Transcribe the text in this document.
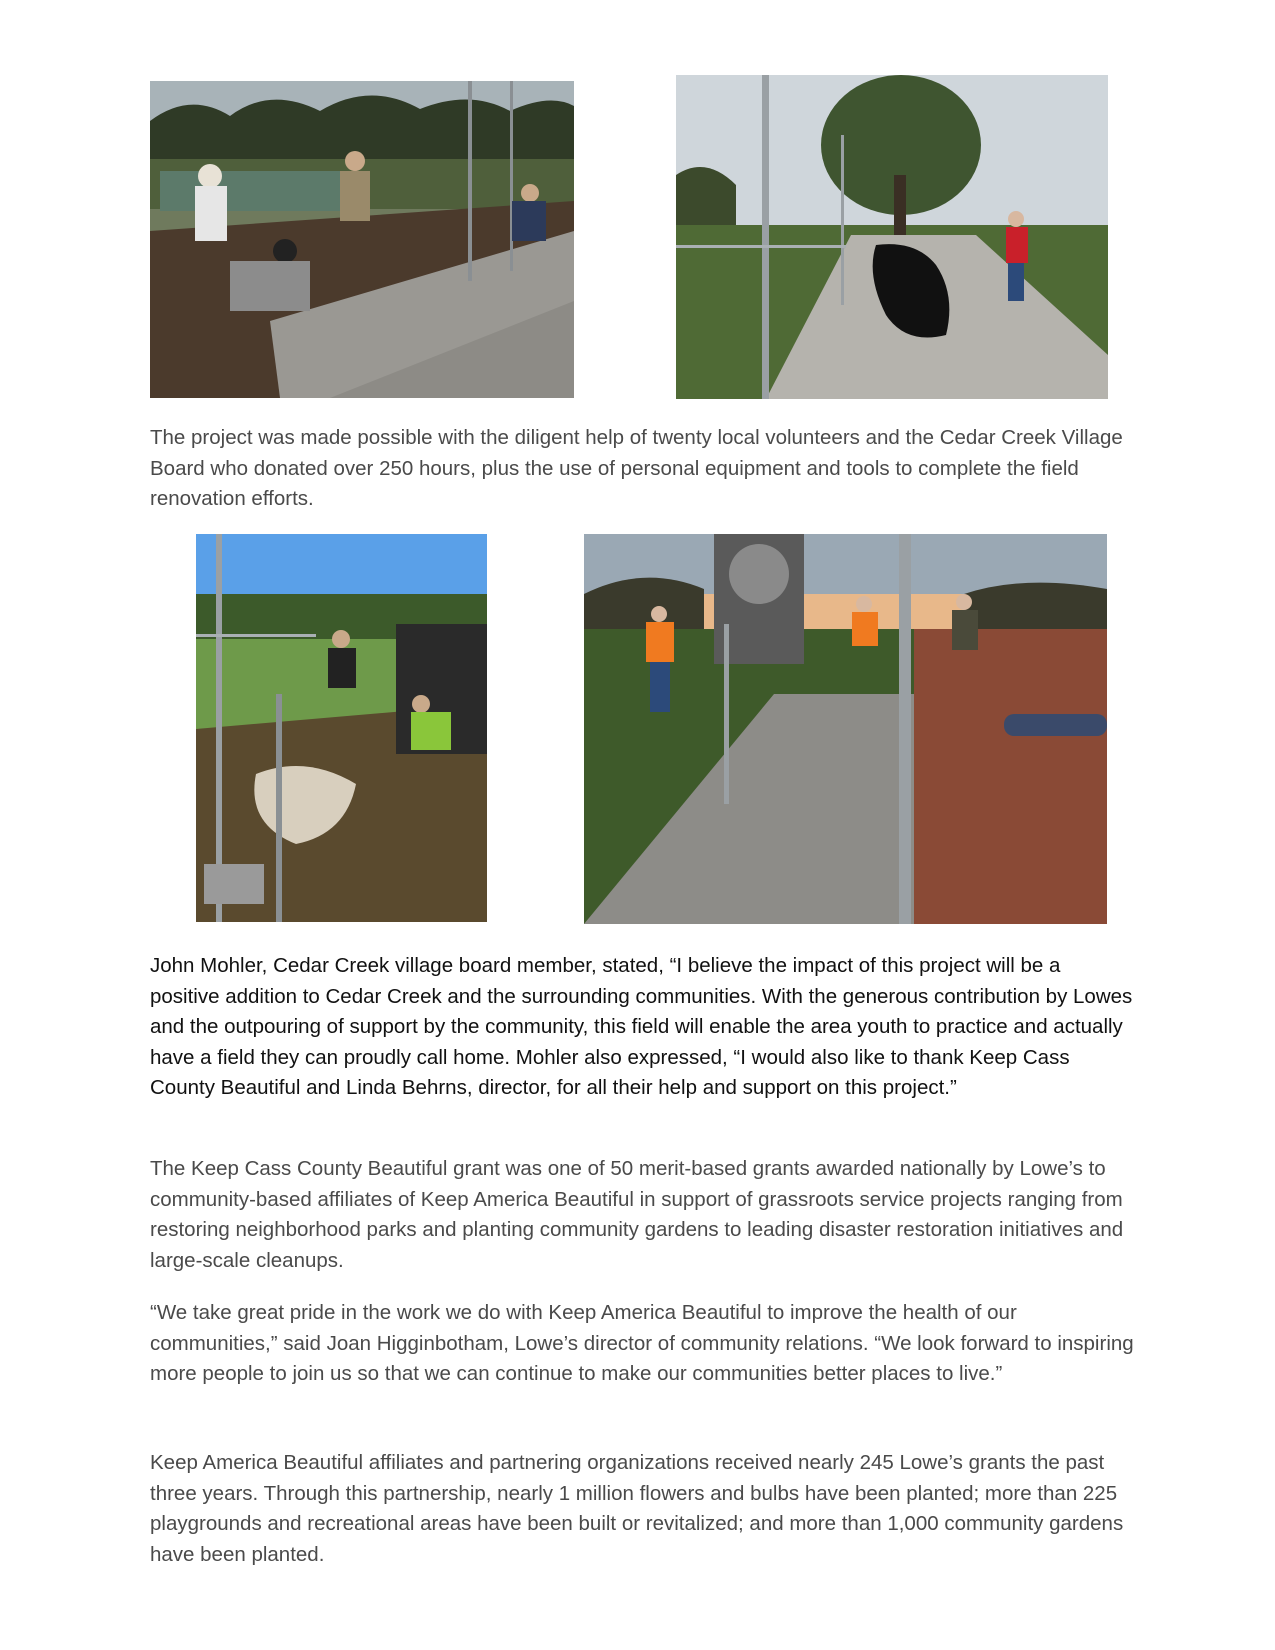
The project was made possible with the diligent help of twenty local volunteers and the Cedar Creek Village Board who donated over 250 hours, plus the use of personal equipment and tools to complete the field renovation efforts.

John Mohler, Cedar Creek village board member, stated, “I believe the impact of this project will be a positive addition to Cedar Creek and the surrounding communities. With the generous contribution by Lowes and the outpouring of support by the community, this field will enable the area youth to practice and actually have a field they can proudly call home. Mohler also expressed, “I would also like to thank Keep Cass County Beautiful and Linda Behrns, director, for all their help and support on this project.”

The Keep Cass County Beautiful grant was one of 50 merit-based grants awarded nationally by Lowe’s to community-based affiliates of Keep America Beautiful in support of grassroots service projects ranging from restoring neighborhood parks and planting community gardens to leading disaster restoration initiatives and large-scale cleanups.

“We take great pride in the work we do with Keep America Beautiful to improve the health of our communities,” said Joan Higginbotham, Lowe’s director of community relations. “We look forward to inspiring more people to join us so that we can continue to make our communities better places to live.”

Keep America Beautiful affiliates and partnering organizations received nearly 245 Lowe’s grants the past three years. Through this partnership, nearly 1 million flowers and bulbs have been planted; more than 225 playgrounds and recreational areas have been built or revitalized; and more than 1,000 community gardens have been planted.
